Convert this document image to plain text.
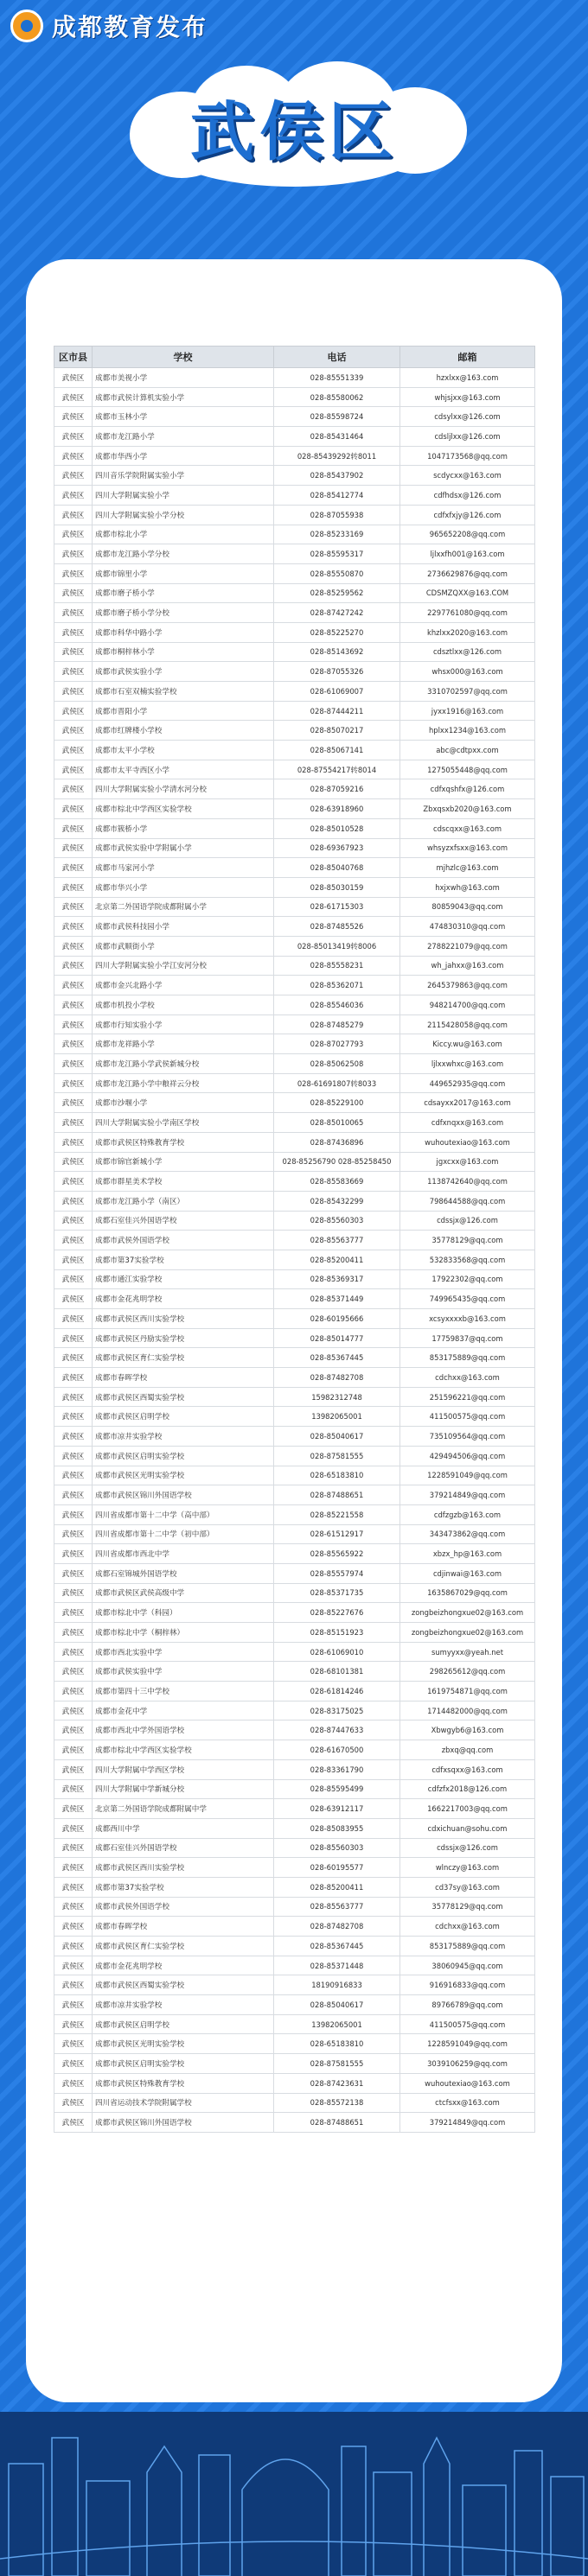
成都教育发布
武侯区
区市县	学校	电话	邮箱
武侯区	成都市美视小学	028-85551339	hzxlxx@163.com
武侯区	成都市武侯计算机实验小学	028-85580062	whjsjxx@163.com
武侯区	成都市玉林小学	028-85598724	cdsylxx@126.com
武侯区	成都市龙江路小学	028-85431464	cdsljlxx@126.com
武侯区	成都市华西小学	028-85439292转8011	1047173568@qq.com
武侯区	四川音乐学院附属实验小学	028-85437902	scdycxx@163.com
武侯区	四川大学附属实验小学	028-85412774	cdfhdsx@126.com
武侯区	四川大学附属实验小学分校	028-87055938	cdfxfxjy@126.com
武侯区	成都市棕北小学	028-85233169	965652208@qq.com
武侯区	成都市龙江路小学分校	028-85595317	ljlxxfh001@163.com
武侯区	成都市锦里小学	028-85550870	2736629876@qq.com
武侯区	成都市磨子桥小学	028-85259562	CDSMZQXX@163.COM
武侯区	成都市磨子桥小学分校	028-87427242	2297761080@qq.com
武侯区	成都市科华中路小学	028-85225270	khzlxx2020@163.com
武侯区	成都市桐梓林小学	028-85143692	cdsztlxx@126.com
武侯区	成都市武侯实验小学	028-87055326	whsx000@163.com
武侯区	成都市石室双楠实验学校	028-61069007	3310702597@qq.com
武侯区	成都市晋阳小学	028-87444211	jyxx1916@163.com
武侯区	成都市红牌楼小学校	028-85070217	hplxx1234@163.com
武侯区	成都市太平小学校	028-85067141	abc@cdtpxx.com
武侯区	成都市太平寺西区小学	028-87554217转8014	1275055448@qq.com
武侯区	四川大学附属实验小学清水河分校	028-87059216	cdfxqshfx@126.com
武侯区	成都市棕北中学西区实验学校	028-63918960	Zbxqsxb2020@163.com
武侯区	成都市簇桥小学	028-85010528	cdscqxx@163.com
武侯区	成都市武侯实验中学附属小学	028-69367923	whsyzxfsxx@163.com
武侯区	成都市马家河小学	028-85040768	mjhzlc@163.com
武侯区	成都市华兴小学	028-85030159	hxjxwh@163.com
武侯区	北京第二外国语学院成都附属小学	028-61715303	80859043@qq.com
武侯区	成都市武侯科技园小学	028-87485526	474830310@qq.com
武侯区	成都市武顺街小学	028-85013419转8006	2788221079@qq.com
武侯区	四川大学附属实验小学江安河分校	028-85558231	wh_jahxx@163.com
武侯区	成都市金兴北路小学	028-85362071	2645379863@qq.com
武侯区	成都市机投小学校	028-85546036	948214700@qq.com
武侯区	成都市行知实验小学	028-87485279	2115428058@qq.com
武侯区	成都市龙祥路小学	028-87027793	Kiccy.wu@163.com
武侯区	成都市龙江路小学武侯新城分校	028-85062508	ljlxxwhxc@163.com
武侯区	成都市龙江路小学中粮祥云分校	028-61691807转8033	449652935@qq.com
武侯区	成都市沙堰小学	028-85229100	cdsayxx2017@163.com
武侯区	四川大学附属实验小学南区学校	028-85010065	cdfxnqxx@163.com
武侯区	成都市武侯区特殊教育学校	028-87436896	wuhoutexiao@163.com
武侯区	成都市锦官新城小学	028-85256790 028-85258450	jgxcxx@163.com
武侯区	成都市群星美术学校	028-85583669	1138742640@qq.com
武侯区	成都市龙江路小学（南区）	028-85432299	798644588@qq.com
武侯区	成都石室佳兴外国语学校	028-85560303	cdssjx@126.com
武侯区	成都市武侯外国语学校	028-85563777	35778129@qq.com
武侯区	成都市第37实验学校	028-85200411	532833568@qq.com
武侯区	成都市通江实验学校	028-85369317	17922302@qq.com
武侯区	成都市金花兆明学校	028-85371449	749965435@qq.com
武侯区	成都市武侯区西川实验学校	028-60195666	xcsyxxxxb@163.com
武侯区	成都市武侯区丹励实验学校	028-85014777	17759837@qq.com
武侯区	成都市武侯区育仁实验学校	028-85367445	853175889@qq.com
武侯区	成都市春晖学校	028-87482708	cdchxx@163.com
武侯区	成都市武侯区西蜀实验学校	15982312748	251596221@qq.com
武侯区	成都市武侯区启明学校	13982065001	411500575@qq.com
武侯区	成都市凉井实验学校	028-85040617	735109564@qq.com
武侯区	成都市武侯区启明实验学校	028-87581555	429494506@qq.com
武侯区	成都市武侯区光明实验学校	028-65183810	1228591049@qq.com
武侯区	成都市武侯区锦川外国语学校	028-87488651	379214849@qq.com
武侯区	四川省成都市第十二中学（高中部）	028-85221558	cdfzgzb@163.com
武侯区	四川省成都市第十二中学（初中部）	028-61512917	343473862@qq.com
武侯区	四川省成都市西北中学	028-85565922	xbzx_hp@163.com
武侯区	成都石室锦城外国语学校	028-85557974	cdjinwai@163.com
武侯区	成都市武侯区武侯高级中学	028-85371735	1635867029@qq.com
武侯区	成都市棕北中学（科园）	028-85227676	zongbeizhongxue02@163.com
武侯区	成都市棕北中学（桐梓林）	028-85151923	zongbeizhongxue02@163.com
武侯区	成都市西北实验中学	028-61069010	sumyyxx@yeah.net
武侯区	成都市武侯实验中学	028-68101381	298265612@qq.com
武侯区	成都市第四十三中学校	028-61814246	1619754871@qq.com
武侯区	成都市金花中学	028-83175025	1714482000@qq.com
武侯区	成都市西北中学外国语学校	028-87447633	Xbwgyb6@163.com
武侯区	成都市棕北中学西区实验学校	028-61670500	zbxq@qq.com
武侯区	四川大学附属中学西区学校	028-83361790	cdfxsqxx@163.com
武侯区	四川大学附属中学新城分校	028-85595499	cdfzfx2018@126.com
武侯区	北京第二外国语学院成都附属中学	028-63912117	1662217003@qq.com
武侯区	成都西川中学	028-85083955	cdxichuan@sohu.com
武侯区	成都石室佳兴外国语学校	028-85560303	cdssjx@126.com
武侯区	成都市武侯区西川实验学校	028-60195577	wlnczy@163.com
武侯区	成都市第37实验学校	028-85200411	cd37sy@163.com
武侯区	成都市武侯外国语学校	028-85563777	35778129@qq.com
武侯区	成都市春晖学校	028-87482708	cdchxx@163.com
武侯区	成都市武侯区育仁实验学校	028-85367445	853175889@qq.com
武侯区	成都市金花兆明学校	028-85371448	38060945@qq.com
武侯区	成都市武侯区西蜀实验学校	18190916833	916916833@qq.com
武侯区	成都市凉井实验学校	028-85040617	89766789@qq.com
武侯区	成都市武侯区启明学校	13982065001	411500575@qq.com
武侯区	成都市武侯区光明实验学校	028-65183810	1228591049@qq.com
武侯区	成都市武侯区启明实验学校	028-87581555	3039106259@qq.com
武侯区	成都市武侯区特殊教育学校	028-87423631	wuhoutexiao@163.com
武侯区	四川省运动技术学院附属学校	028-85572138	ctcfsxx@163.com
武侯区	成都市武侯区锦川外国语学校	028-87488651	379214849@qq.com
